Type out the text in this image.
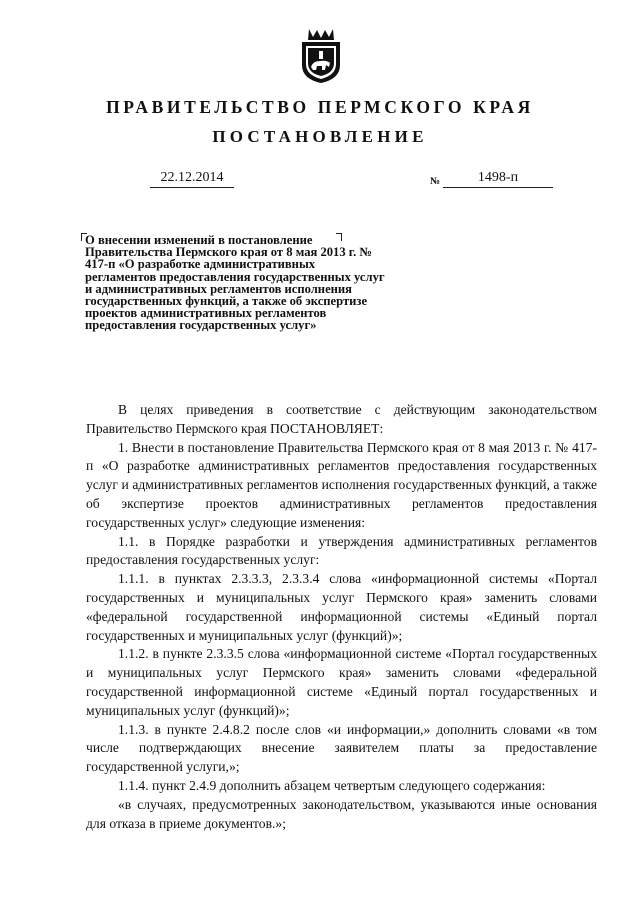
ПРАВИТЕЛЬСТВО ПЕРМСКОГО КРАЯ
ПОСТАНОВЛЕНИЕ
22.12.2014	№	1498-п
О внесении изменений в постановление Правительства Пермского края от 8 мая 2013 г. № 417-п «О разработке административных регламентов предоставления государственных услуг и административных регламентов исполнения государственных функций, а также об экспертизе проектов административных регламентов предоставления государственных услуг»

В целях приведения в соответствие с действующим законодательством Правительство Пермского края ПОСТАНОВЛЯЕТ:

1. Внести в постановление Правительства Пермского края от 8 мая 2013 г. № 417-п «О разработке административных регламентов предоставления государственных услуг и административных регламентов исполнения государственных функций, а также об экспертизе проектов административных регламентов предоставления государственных услуг» следующие изменения:

1.1. в Порядке разработки и утверждения административных регламентов предоставления государственных услуг:

1.1.1. в пунктах 2.3.3.3, 2.3.3.4 слова «информационной системы «Портал государственных и муниципальных услуг Пермского края» заменить словами «федеральной государственной информационной системы «Единый портал государственных и муниципальных услуг (функций)»;

1.1.2. в пункте 2.3.3.5 слова «информационной системе «Портал государственных и муниципальных услуг Пермского края» заменить словами «федеральной государственной информационной системе «Единый портал государственных и муниципальных услуг (функций)»;

1.1.3. в пункте 2.4.8.2 после слов «и информации,» дополнить словами «в том числе подтверждающих внесение заявителем платы за предоставление государственной услуги,»;

1.1.4. пункт 2.4.9 дополнить абзацем четвертым следующего содержания:

«в случаях, предусмотренных законодательством, указываются иные основания для отказа в приеме документов.»;
